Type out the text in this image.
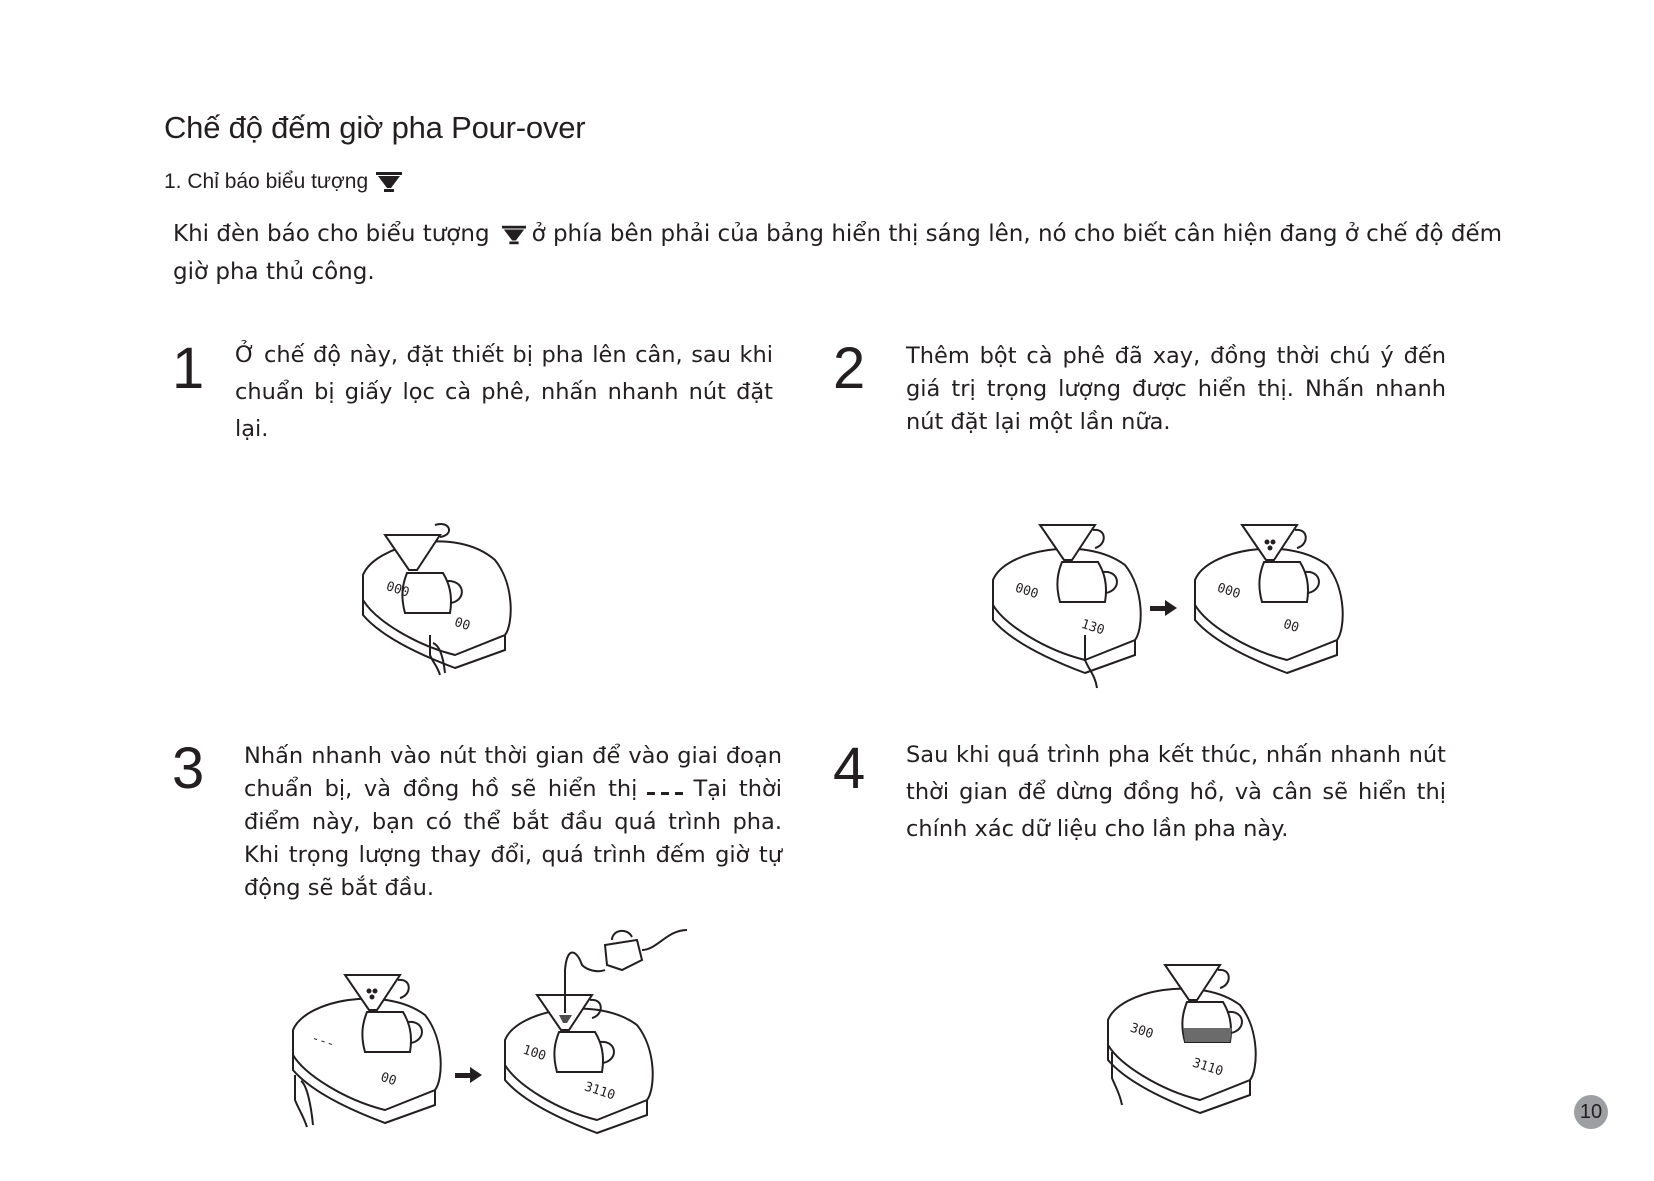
Chế độ đếm giờ pha Pour-over
1. Chỉ báo biểu tượng

Khi đèn báo cho biểu tượng ở phía bên phải của bảng hiển thị sáng lên, nó cho biết cân hiện đang ở chế độ đếm giờ pha thủ công.

1 Ở chế độ này, đặt thiết bị pha lên cân, sau khi chuẩn bị giấy lọc cà phê, nhấn nhanh nút đặt lại.

2 Thêm bột cà phê đã xay, đồng thời chú ý đến giá trị trọng lượng được hiển thị. Nhấn nhanh nút đặt lại một lần nữa.

3 Nhấn nhanh vào nút thời gian để vào giai đoạn chuẩn bị, và đồng hồ sẽ hiển thị Tại thời điểm này, bạn có thể bắt đầu quá trình pha. Khi trọng lượng thay đổi, quá trình đếm giờ tự động sẽ bắt đầu.

4 Sau khi quá trình pha kết thúc, nhấn nhanh nút thời gian để dừng đồng hồ, và cân sẽ hiển thị chính xác dữ liệu cho lần pha này.

000
00
000
130
000
00
---
00
100
3110
300
3110
10
